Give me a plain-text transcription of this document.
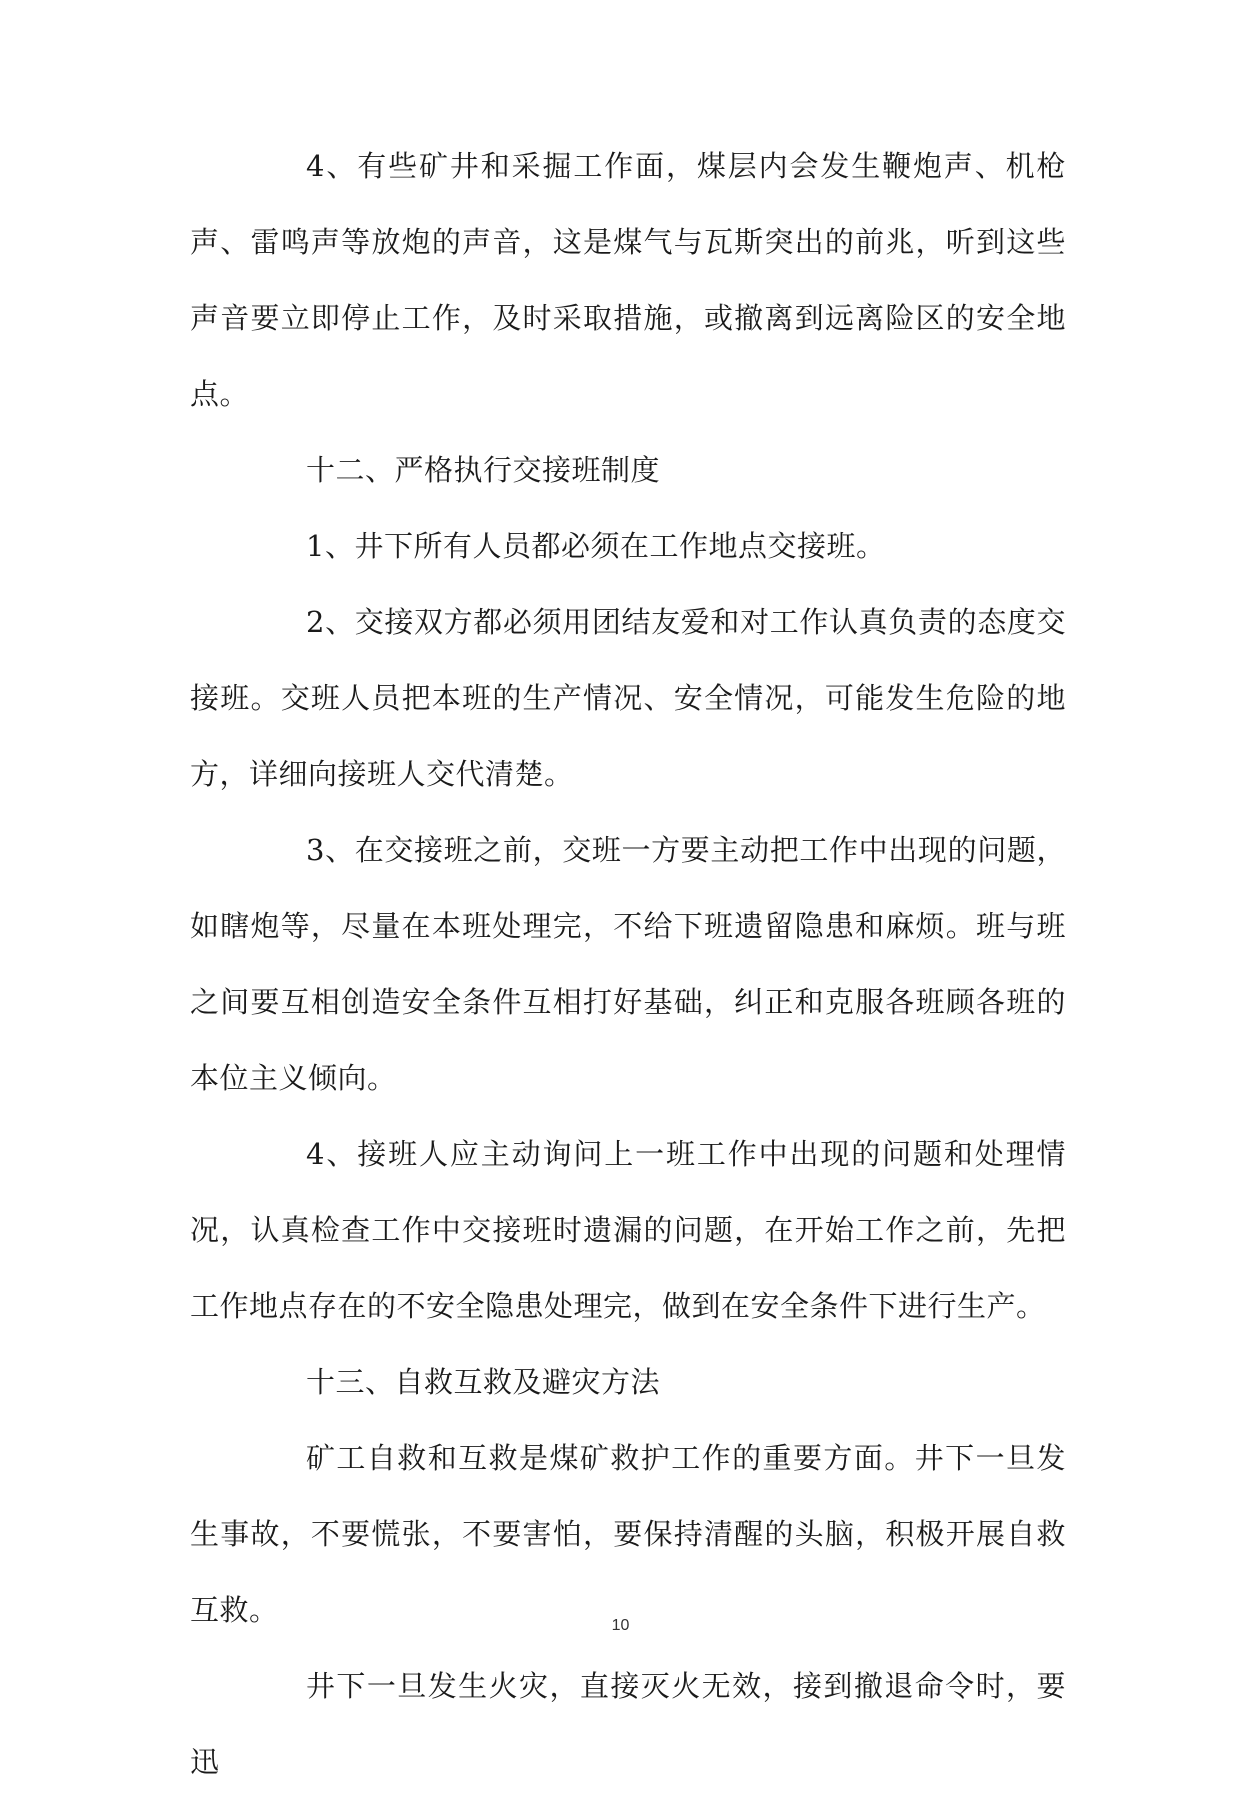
4、有些矿井和采掘工作面，煤层内会发生鞭炮声、机枪声、雷鸣声等放炮的声音，这是煤气与瓦斯突出的前兆，听到这些声音要立即停止工作，及时采取措施，或撤离到远离险区的安全地点。

十二、严格执行交接班制度

1、井下所有人员都必须在工作地点交接班。

2、交接双方都必须用团结友爱和对工作认真负责的态度交接班。交班人员把本班的生产情况、安全情况，可能发生危险的地方，详细向接班人交代清楚。

3、在交接班之前，交班一方要主动把工作中出现的问题，如瞎炮等，尽量在本班处理完，不给下班遗留隐患和麻烦。班与班之间要互相创造安全条件互相打好基础，纠正和克服各班顾各班的本位主义倾向。

4、接班人应主动询问上一班工作中出现的问题和处理情况，认真检查工作中交接班时遗漏的问题，在开始工作之前，先把工作地点存在的不安全隐患处理完，做到在安全条件下进行生产。

十三、自救互救及避灾方法

矿工自救和互救是煤矿救护工作的重要方面。井下一旦发生事故，不要慌张，不要害怕，要保持清醒的头脑，积极开展自救互救。

井下一旦发生火灾，直接灭火无效，接到撤退命令时，要迅

10
